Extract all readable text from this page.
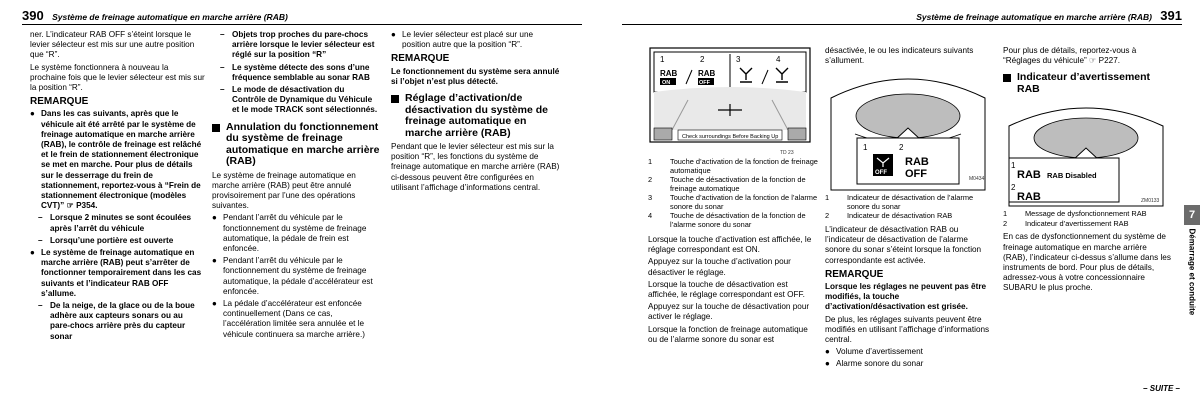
390 Système de freinage automatique en marche arrière (RAB)

ner. L’indicateur RAB OFF s’éteint lorsque le levier sélecteur est mis sur une autre position que “R”.

Le système fonctionnera à nouveau la prochaine fois que le levier sélecteur est mis sur la position “R”.

REMARQUE
● Dans les cas suivants, après que le véhicule ait été arrêté par le système de freinage automatique en marche arrière (RAB), le contrôle de freinage est relâché et le frein de stationnement électronique se met en marche. Pour plus de détails sur le desserrage du frein de stationnement, reportez-vous à “Frein de stationnement électronique (modèles CVT)” ☞ P354.
– Lorsque 2 minutes se sont écoulées après l’arrêt du véhicule
– Lorsqu’une portière est ouverte
● Le système de freinage automatique en marche arrière (RAB) peut s’arrêter de fonctionner temporairement dans les cas suivants et l’indicateur RAB OFF s’allume.
– De la neige, de la glace ou de la boue adhère aux capteurs sonars ou au pare-chocs arrière près du capteur sonar
– Objets trop proches du pare-chocs arrière lorsque le levier sélecteur est réglé sur la position “R”
– Le système détecte des sons d’une fréquence semblable au sonar RAB
– Le mode de désactivation du Contrôle de Dynamique du Véhicule et le mode TRACK sont sélectionnés.
Annulation du fonctionnement du système de freinage automatique en marche arrière (RAB)

Le système de freinage automatique en marche arrière (RAB) peut être annulé provisoirement par l’une des opérations suivantes.

● Pendant l’arrêt du véhicule par le fonctionnement du système de freinage automatique, la pédale de frein est enfoncée.
● Pendant l’arrêt du véhicule par le fonctionnement du système de freinage automatique, la pédale d’accélérateur est enfoncée.
● La pédale d’accélérateur est enfoncée continuellement (Dans ce cas, l’accélération limitée sera annulée et le véhicule continuera sa marche arrière.)
● Le levier sélecteur est placé sur une position autre que la position “R”.
REMARQUE

Le fonctionnement du système sera annulé si l’objet n’est plus détecté.

Réglage d’activation/de désactivation du système de freinage automatique en marche arrière (RAB)

Pendant que le levier sélecteur est mis sur la position “R”, les fonctions du système de freinage automatique en marche arrière (RAB) ci-dessous peuvent être configurées en utilisant l’affichage d’informations central.

Système de freinage automatique en marche arrière (RAB) 391
1	2	3	4
RAB
ON
RAB
OFF
Check surroundings Before Backing Up
TD 23
1	Touche d’activation de la fonction de freinage automatique
2	Touche de désactivation de la fonction de freinage automatique
3	Touche d’activation de la fonction de l’alarme sonore du sonar
4	Touche de désactivation de la fonction de l’alarme sonore du sonar

Lorsque la touche d’activation est affichée, le réglage correspondant est ON.

Appuyez sur la touche d’activation pour désactiver le réglage.

Lorsque la touche de désactivation est affichée, le réglage correspondant est OFF.

Appuyez sur la touche de désactivation pour activer le réglage.

Lorsque la fonction de freinage automatique ou de l’alarme sonore du sonar est

désactivée, le ou les indicateurs suivants s’allument.

1	2
OFF
RAB
OFF	M0434
1	Indicateur de désactivation de l’alarme sonore du sonar
2	Indicateur de désactivation RAB

L’indicateur de désactivation RAB ou l’indicateur de désactivation de l’alarme sonore du sonar s’éteint lorsque la fonction correspondante est activée.

REMARQUE

Lorsque les réglages ne peuvent pas être modifiés, la touche d’activation/désactivation est grisée.

De plus, les réglages suivants peuvent être modifiés en utilisant l’affichage d’informations central.

● Volume d’avertissement
● Alarme sonore du sonar

Pour plus de détails, reportez-vous à “Réglages du véhicule” ☞ P227.

Indicateur d’avertissement RAB
1
RAB RAB Disabled
2
RAB	ZM0133
1	Message de dysfonctionnement RAB
2	Indicateur d’avertissement RAB

En cas de dysfonctionnement du système de freinage automatique en marche arrière (RAB), l’indicateur ci-dessus s’allume dans les instruments de bord. Pour plus de détails, adressez-vous à votre concessionnaire SUBARU le plus proche.

7
Démarrage et conduite
– SUITE –
